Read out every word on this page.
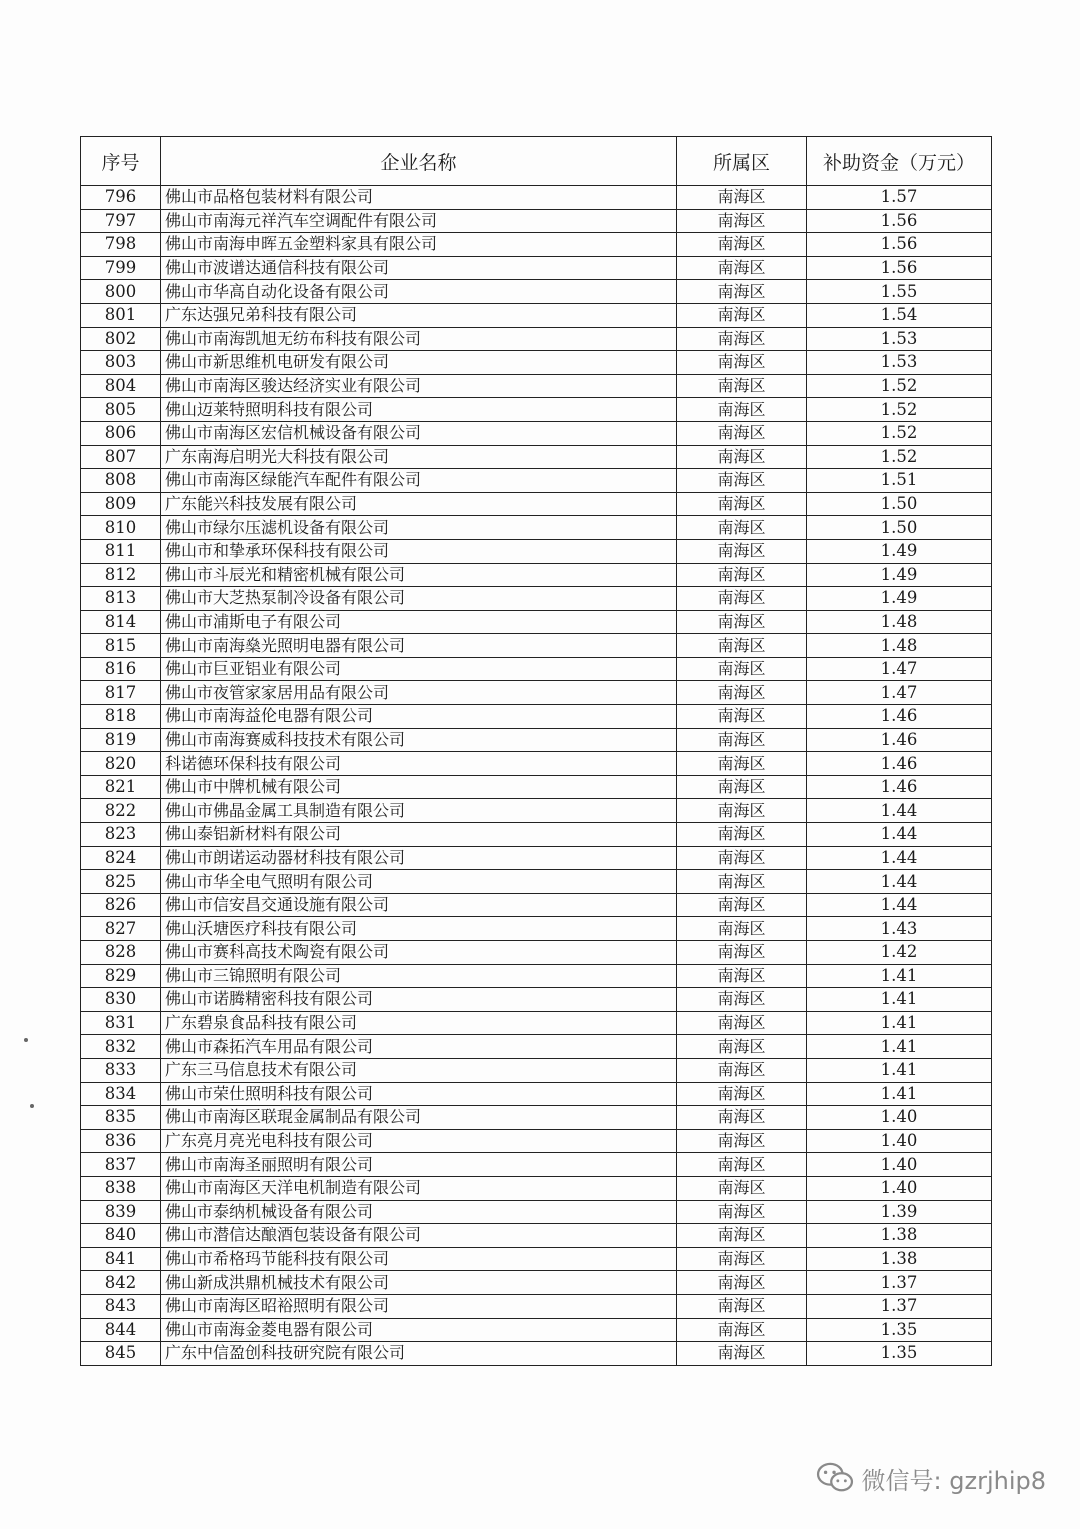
序号	企业名称	所属区	补助资金（万元）
796	佛山市品格包装材料有限公司	南海区	1.57
797	佛山市南海元祥汽车空调配件有限公司	南海区	1.56
798	佛山市南海申晖五金塑料家具有限公司	南海区	1.56
799	佛山市波谱达通信科技有限公司	南海区	1.56
800	佛山市华高自动化设备有限公司	南海区	1.55
801	广东达强兄弟科技有限公司	南海区	1.54
802	佛山市南海凯旭无纺布科技有限公司	南海区	1.53
803	佛山市新思维机电研发有限公司	南海区	1.53
804	佛山市南海区骏达经济实业有限公司	南海区	1.52
805	佛山迈莱特照明科技有限公司	南海区	1.52
806	佛山市南海区宏信机械设备有限公司	南海区	1.52
807	广东南海启明光大科技有限公司	南海区	1.52
808	佛山市南海区绿能汽车配件有限公司	南海区	1.51
809	广东能兴科技发展有限公司	南海区	1.50
810	佛山市绿尔压滤机设备有限公司	南海区	1.50
811	佛山市和挚承环保科技有限公司	南海区	1.49
812	佛山市斗辰光和精密机械有限公司	南海区	1.49
813	佛山市大芝热泵制冷设备有限公司	南海区	1.49
814	佛山市浦斯电子有限公司	南海区	1.48
815	佛山市南海燊光照明电器有限公司	南海区	1.48
816	佛山市巨亚铝业有限公司	南海区	1.47
817	佛山市夜管家家居用品有限公司	南海区	1.47
818	佛山市南海益伦电器有限公司	南海区	1.46
819	佛山市南海赛威科技技术有限公司	南海区	1.46
820	科诺德环保科技有限公司	南海区	1.46
821	佛山市中牌机械有限公司	南海区	1.46
822	佛山市佛晶金属工具制造有限公司	南海区	1.44
823	佛山泰铝新材料有限公司	南海区	1.44
824	佛山市朗诺运动器材科技有限公司	南海区	1.44
825	佛山市华全电气照明有限公司	南海区	1.44
826	佛山市信安昌交通设施有限公司	南海区	1.44
827	佛山沃塘医疗科技有限公司	南海区	1.43
828	佛山市赛科高技术陶瓷有限公司	南海区	1.42
829	佛山市三锦照明有限公司	南海区	1.41
830	佛山市诺腾精密科技有限公司	南海区	1.41
831	广东碧泉食品科技有限公司	南海区	1.41
832	佛山市森拓汽车用品有限公司	南海区	1.41
833	广东三马信息技术有限公司	南海区	1.41
834	佛山市荣仕照明科技有限公司	南海区	1.41
835	佛山市南海区联琨金属制品有限公司	南海区	1.40
836	广东亮月亮光电科技有限公司	南海区	1.40
837	佛山市南海圣丽照明有限公司	南海区	1.40
838	佛山市南海区天洋电机制造有限公司	南海区	1.40
839	佛山市泰纳机械设备有限公司	南海区	1.39
840	佛山市潜信达酿酒包装设备有限公司	南海区	1.38
841	佛山市希格玛节能科技有限公司	南海区	1.38
842	佛山新成洪鼎机械技术有限公司	南海区	1.37
843	佛山市南海区昭裕照明有限公司	南海区	1.37
844	佛山市南海金菱电器有限公司	南海区	1.35
845	广东中信盈创科技研究院有限公司	南海区	1.35
微信号: gzrjhip8
